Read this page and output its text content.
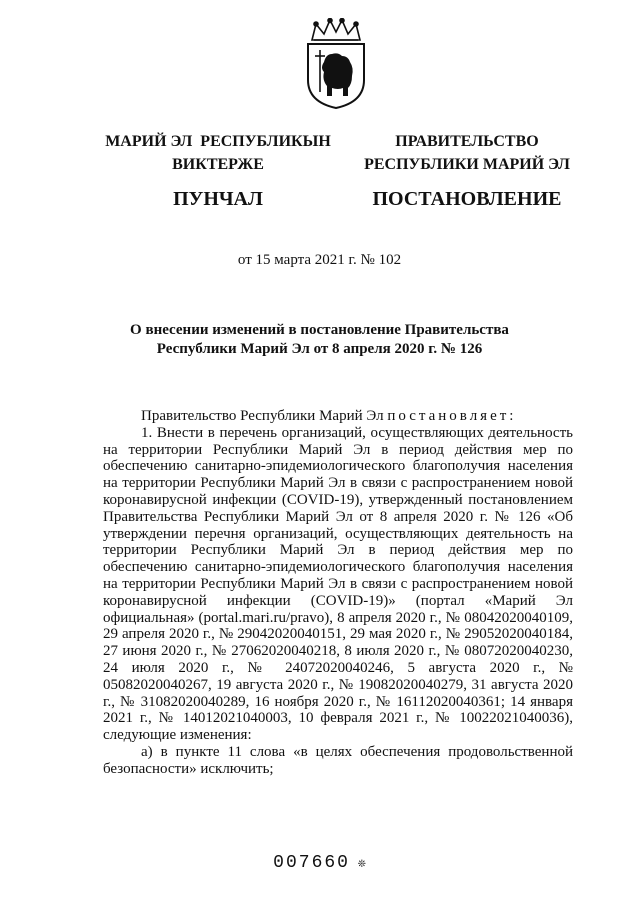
МАРИЙ ЭЛ  РЕСПУБЛИКЫН
ВИКТЕРЖЕ
ПУНЧАЛ
ПРАВИТЕЛЬСТВО
РЕСПУБЛИКИ МАРИЙ ЭЛ
ПОСТАНОВЛЕНИЕ
от 15 марта 2021 г. № 102
О внесении изменений в постановление Правительства
Республики Марий Эл от 8 апреля 2020 г. № 126

Правительство Республики Марий Эл постановляет:

1. Внести в перечень организаций, осуществляющих деятельность на территории Республики Марий Эл в период действия мер по обеспечению санитарно-эпидемиологического благополучия населения на территории Республики Марий Эл в связи с распространением новой коронавирусной инфекции (COVID-19), утвержденный постановлением Правительства Республики Марий Эл от 8 апреля 2020 г. № 126 «Об утверждении перечня организаций, осуществляющих деятельность на территории Республики Марий Эл в период действия мер по обеспечению санитарно-эпидемиологического благополучия населения на территории Республики Марий Эл в связи с распространением новой коронавирусной инфекции (COVID-19)» (портал «Марий Эл официальная» (portal.mari.ru/pravo), 8 апреля 2020 г., № 08042020040109, 29 апреля 2020 г., № 29042020040151, 29 мая 2020 г., № 29052020040184, 27 июня 2020 г., № 27062020040218, 8 июля 2020 г., № 08072020040230, 24 июля 2020 г., № 24072020040246, 5 августа 2020 г., № 05082020040267, 19 августа 2020 г., № 19082020040279, 31 августа 2020 г., № 31082020040289, 16 ноября 2020 г., № 16112020040361; 14 января 2021 г., № 14012021040003, 10 февраля 2021 г., № 10022021040036), следующие изменения:

а) в пункте 11 слова «в целях обеспечения продовольственной безопасности» исключить;

007660 ❊
